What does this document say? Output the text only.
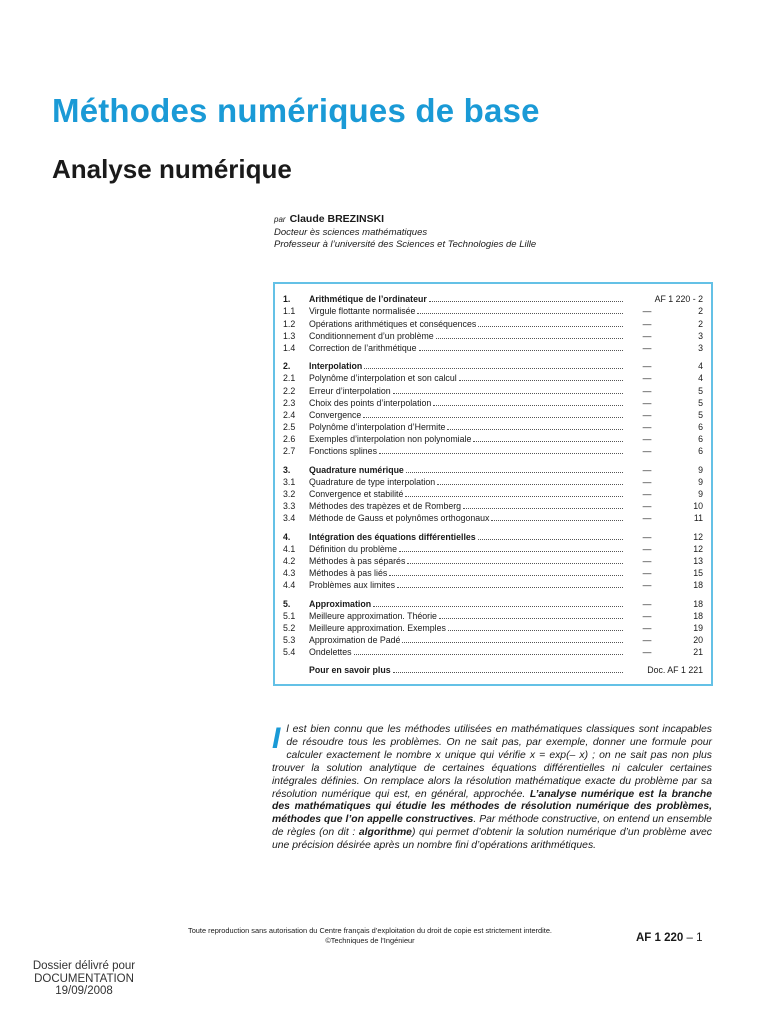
Méthodes numériques de base
Analyse numérique
par Claude BREZINSKI
Docteur ès sciences mathématiques
Professeur à l’université des Sciences et Technologies de Lille
1.	Arithmétique de l’ordinateur	AF 1 220 - 2
1.1	Virgule flottante normalisée	—	2
1.2	Opérations arithmétiques et conséquences	—	2
1.3	Conditionnement d’un problème	—	3
1.4	Correction de l’arithmétique	—	3
2.	Interpolation	—	4
2.1	Polynôme d’interpolation et son calcul	—	4
2.2	Erreur d’interpolation	—	5
2.3	Choix des points d’interpolation	—	5
2.4	Convergence	—	5
2.5	Polynôme d’interpolation d’Hermite	—	6
2.6	Exemples d’interpolation non polynomiale	—	6
2.7	Fonctions splines	—	6
3.	Quadrature numérique	—	9
3.1	Quadrature de type interpolation	—	9
3.2	Convergence et stabilité	—	9
3.3	Méthodes des trapèzes et de Romberg	—	10
3.4	Méthode de Gauss et polynômes orthogonaux	—	11
4.	Intégration des équations différentielles	—	12
4.1	Définition du problème	—	12
4.2	Méthodes à pas séparés	—	13
4.3	Méthodes à pas liés	—	15
4.4	Problèmes aux limites	—	18
5.	Approximation	—	18
5.1	Meilleure approximation. Théorie	—	18
5.2	Meilleure approximation. Exemples	—	19
5.3	Approximation de Padé	—	20
5.4	Ondelettes	—	21
Pour en savoir plus	Doc. AF 1 221

Il est bien connu que les méthodes utilisées en mathématiques classiques sont incapables de résoudre tous les problèmes. On ne sait pas, par exemple, donner une formule pour calculer exactement le nombre x unique qui vérifie x = exp(– x) ; on ne sait pas non plus trouver la solution analytique de certaines équations différentielles ni calculer certaines intégrales définies. On remplace alors la résolution mathématique exacte du problème par sa résolution numérique qui est, en général, approchée. L’analyse numérique est la branche des mathématiques qui étudie les méthodes de résolution numérique des problèmes, méthodes que l’on appelle constructives. Par méthode constructive, on entend un ensemble de règles (on dit : algorithme) qui permet d’obtenir la solution numérique d’un problème avec une précision désirée après un nombre fini d’opérations arithmétiques.

Toute reproduction sans autorisation du Centre français d’exploitation du droit de copie est strictement interdite.
©Techniques de l’Ingénieur	AF 1 220 – 1
Dossier délivré pour
DOCUMENTATION
19/09/2008
